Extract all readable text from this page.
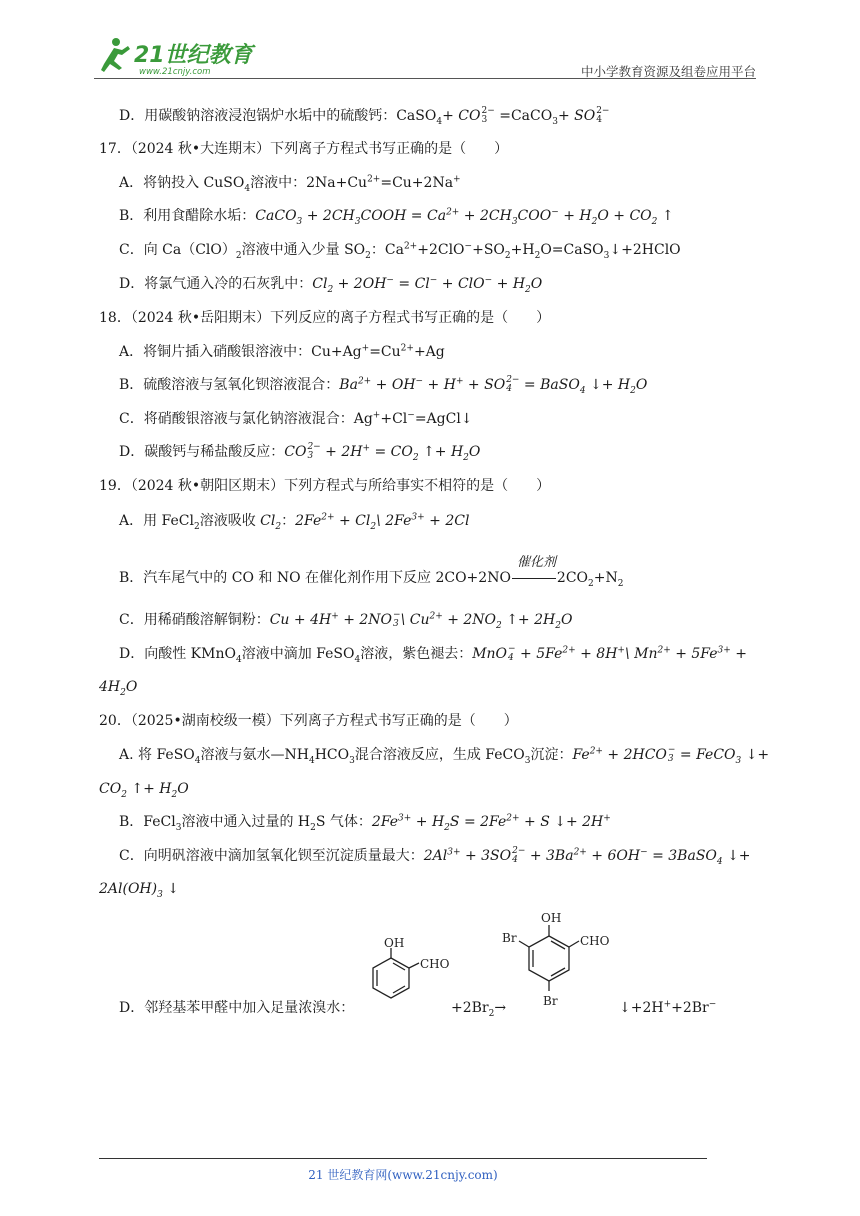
21世纪教育
www.21cnjy.com	中小学教育资源及组卷应用平台
D．用碳酸钠溶液浸泡锅炉水垢中的硫酸钙：CaSO$_4$+ CO 2−
3 =CaCO$_3$+ SO 2−
4
17．（2024 秋•大连期末）下列离子方程式书写正确的是（　　）
A．将钠投入 CuSO$_4$溶液中：$2Na+Cu^{2+}=Cu+2Na^+$
B．利用食醋除水垢：CaCO$_3$ + $2CH_3COOH = Ca^{2+} + 2CH_3COO^- + H_2O + CO_2$ ↑
C．向 $Ca(ClO)_2$溶液中通入少量 $SO_2$：$Ca^{2+}+2ClO^-+SO_2+H_2O=CaSO_3↓+2HClO$
D．将氯气通入冷的石灰乳中：$Cl_2 + 2OH^- = Cl^- + ClO^- + H_2O$
18．（2024 秋•岳阳期末）下列反应的离子方程式书写正确的是（　　）
A．将铜片插入硝酸银溶液中：$Cu+Ag^+=Cu^{2+}+Ag$
B．硫酸溶液与氢氧化钡溶液混合：$Ba^{2+} + OH^- + H^+$ + SO 2−
4 = BaSO$_4$ ↓+ $H_2O$
C．将硝酸银溶液与氯化钠溶液混合：Ag++Cl−=AgCl↓
D．碳酸钙与稀盐酸反应：CO 2−
$3 + 2H^+ = CO_2$ ↑+ $H_2O$
19．（2024 秋•朝阳区期末）下列方程式与所给事实不相符的是（　　）
A．用 FeCl$_2$溶液吸收 $Cl_2$：$2Fe^{2+}$ + $Cl_2\backslash$ $2Fe^{3+} + 2Cl$
催化剂
B．汽车尾气中的 CO 和 NO 在催化剂作用下反应 2CO+2NO	$2CO_2+N_2$
C．用稀硝酸溶解铜粉：Cu + 4H+ + 2NO −
3 \ $Cu^{2+} + 2NO_2$ ↑+ $2H_2O$
D．向酸性 KMnO$_4$溶液中滴加 FeSO$_4$溶液，紫色褪去：MnO −
$4 + 5Fe^{2+}$ + 8H+\ $Mn^{2+} + 5Fe^{3+}$ +
$4H_2O$
20．（2025•湖南校级一模）下列离子方程式书写正确的是（　　）
A. 将 FeSO$_4$溶液与氨水$—NH_4HCO_3$混合溶液反应，生成 FeCO$_3$沉淀：$Fe^{2+} + 2HCO$ −
3 = FeCO$_3$ ↓+
$CO_2$ ↑+ $H_2O$
B．FeCl$_3$溶液中通入过量的 $H_2S$ 气体：$2Fe^{3+} + H_2S = 2Fe^{2+} + S$ ↓+ 2H+
C．向明矾溶液中滴加氢氧化钡至沉淀质量最大：$2Al^{3+} + 3SO$ 2−
$4 + 3Ba^{2+} + 6OH^-$ = 3BaSO$_4$ ↓+
$2Al(OH)_3$ ↓
D．邻羟基苯甲醛中加入足量浓溴水：
OH
CHO
$+2Br_2\to$
OH
Br	CHO
Br	↓+2H++2Br−
21 世纪教育网(www.21cnjy.com)
